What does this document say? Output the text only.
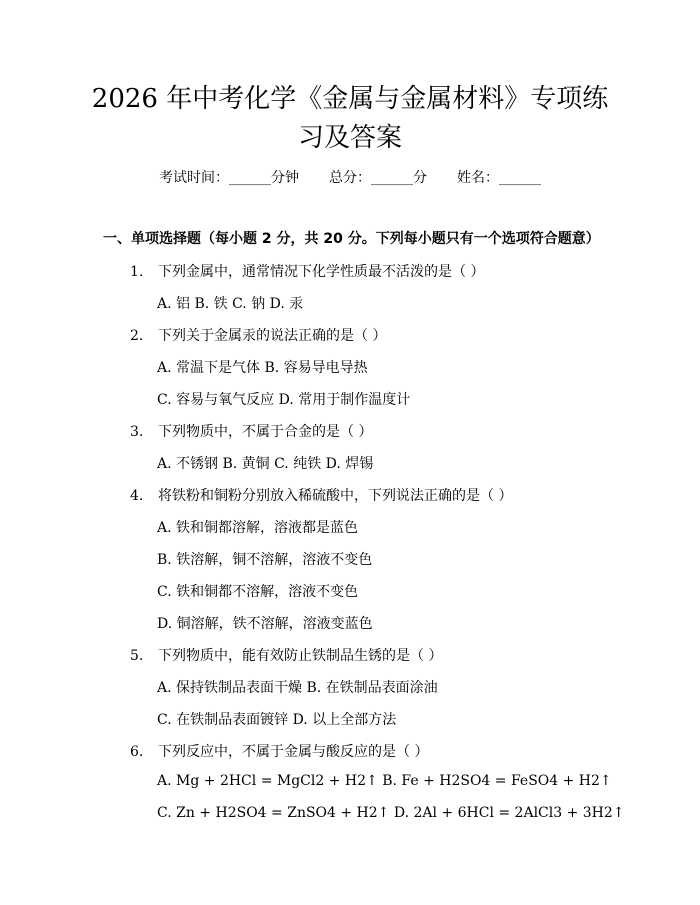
2026 年中考化学《金属与金属材料》专项练
习及答案
考试时间：______分钟 总分：______分 姓名：______
一、单项选择题（每小题 2 分，共 20 分。下列每小题只有一个选项符合题意）
1. 下列金属中，通常情况下化学性质最不活泼的是（ ）
A. 铝 B. 铁 C. 钠 D. 汞
2. 下列关于金属汞的说法正确的是（ ）
A. 常温下是气体 B. 容易导电导热
C. 容易与氧气反应 D. 常用于制作温度计
3. 下列物质中，不属于合金的是（ ）
A. 不锈钢 B. 黄铜 C. 纯铁 D. 焊锡
4. 将铁粉和铜粉分别放入稀硫酸中，下列说法正确的是（ ）
A. 铁和铜都溶解，溶液都是蓝色
B. 铁溶解，铜不溶解，溶液不变色
C. 铁和铜都不溶解，溶液不变色
D. 铜溶解，铁不溶解，溶液变蓝色
5. 下列物质中，能有效防止铁制品生锈的是（ ）
A. 保持铁制品表面干燥 B. 在铁制品表面涂油
C. 在铁制品表面镀锌 D. 以上全部方法
6. 下列反应中，不属于金属与酸反应的是（ ）
A. Mg + 2HCl = MgCl2 + H2↑ B. Fe + H2SO4 = FeSO4 + H2↑
C. Zn + H2SO4 = ZnSO4 + H2↑ D. 2Al + 6HCl = 2AlCl3 + 3H2↑
